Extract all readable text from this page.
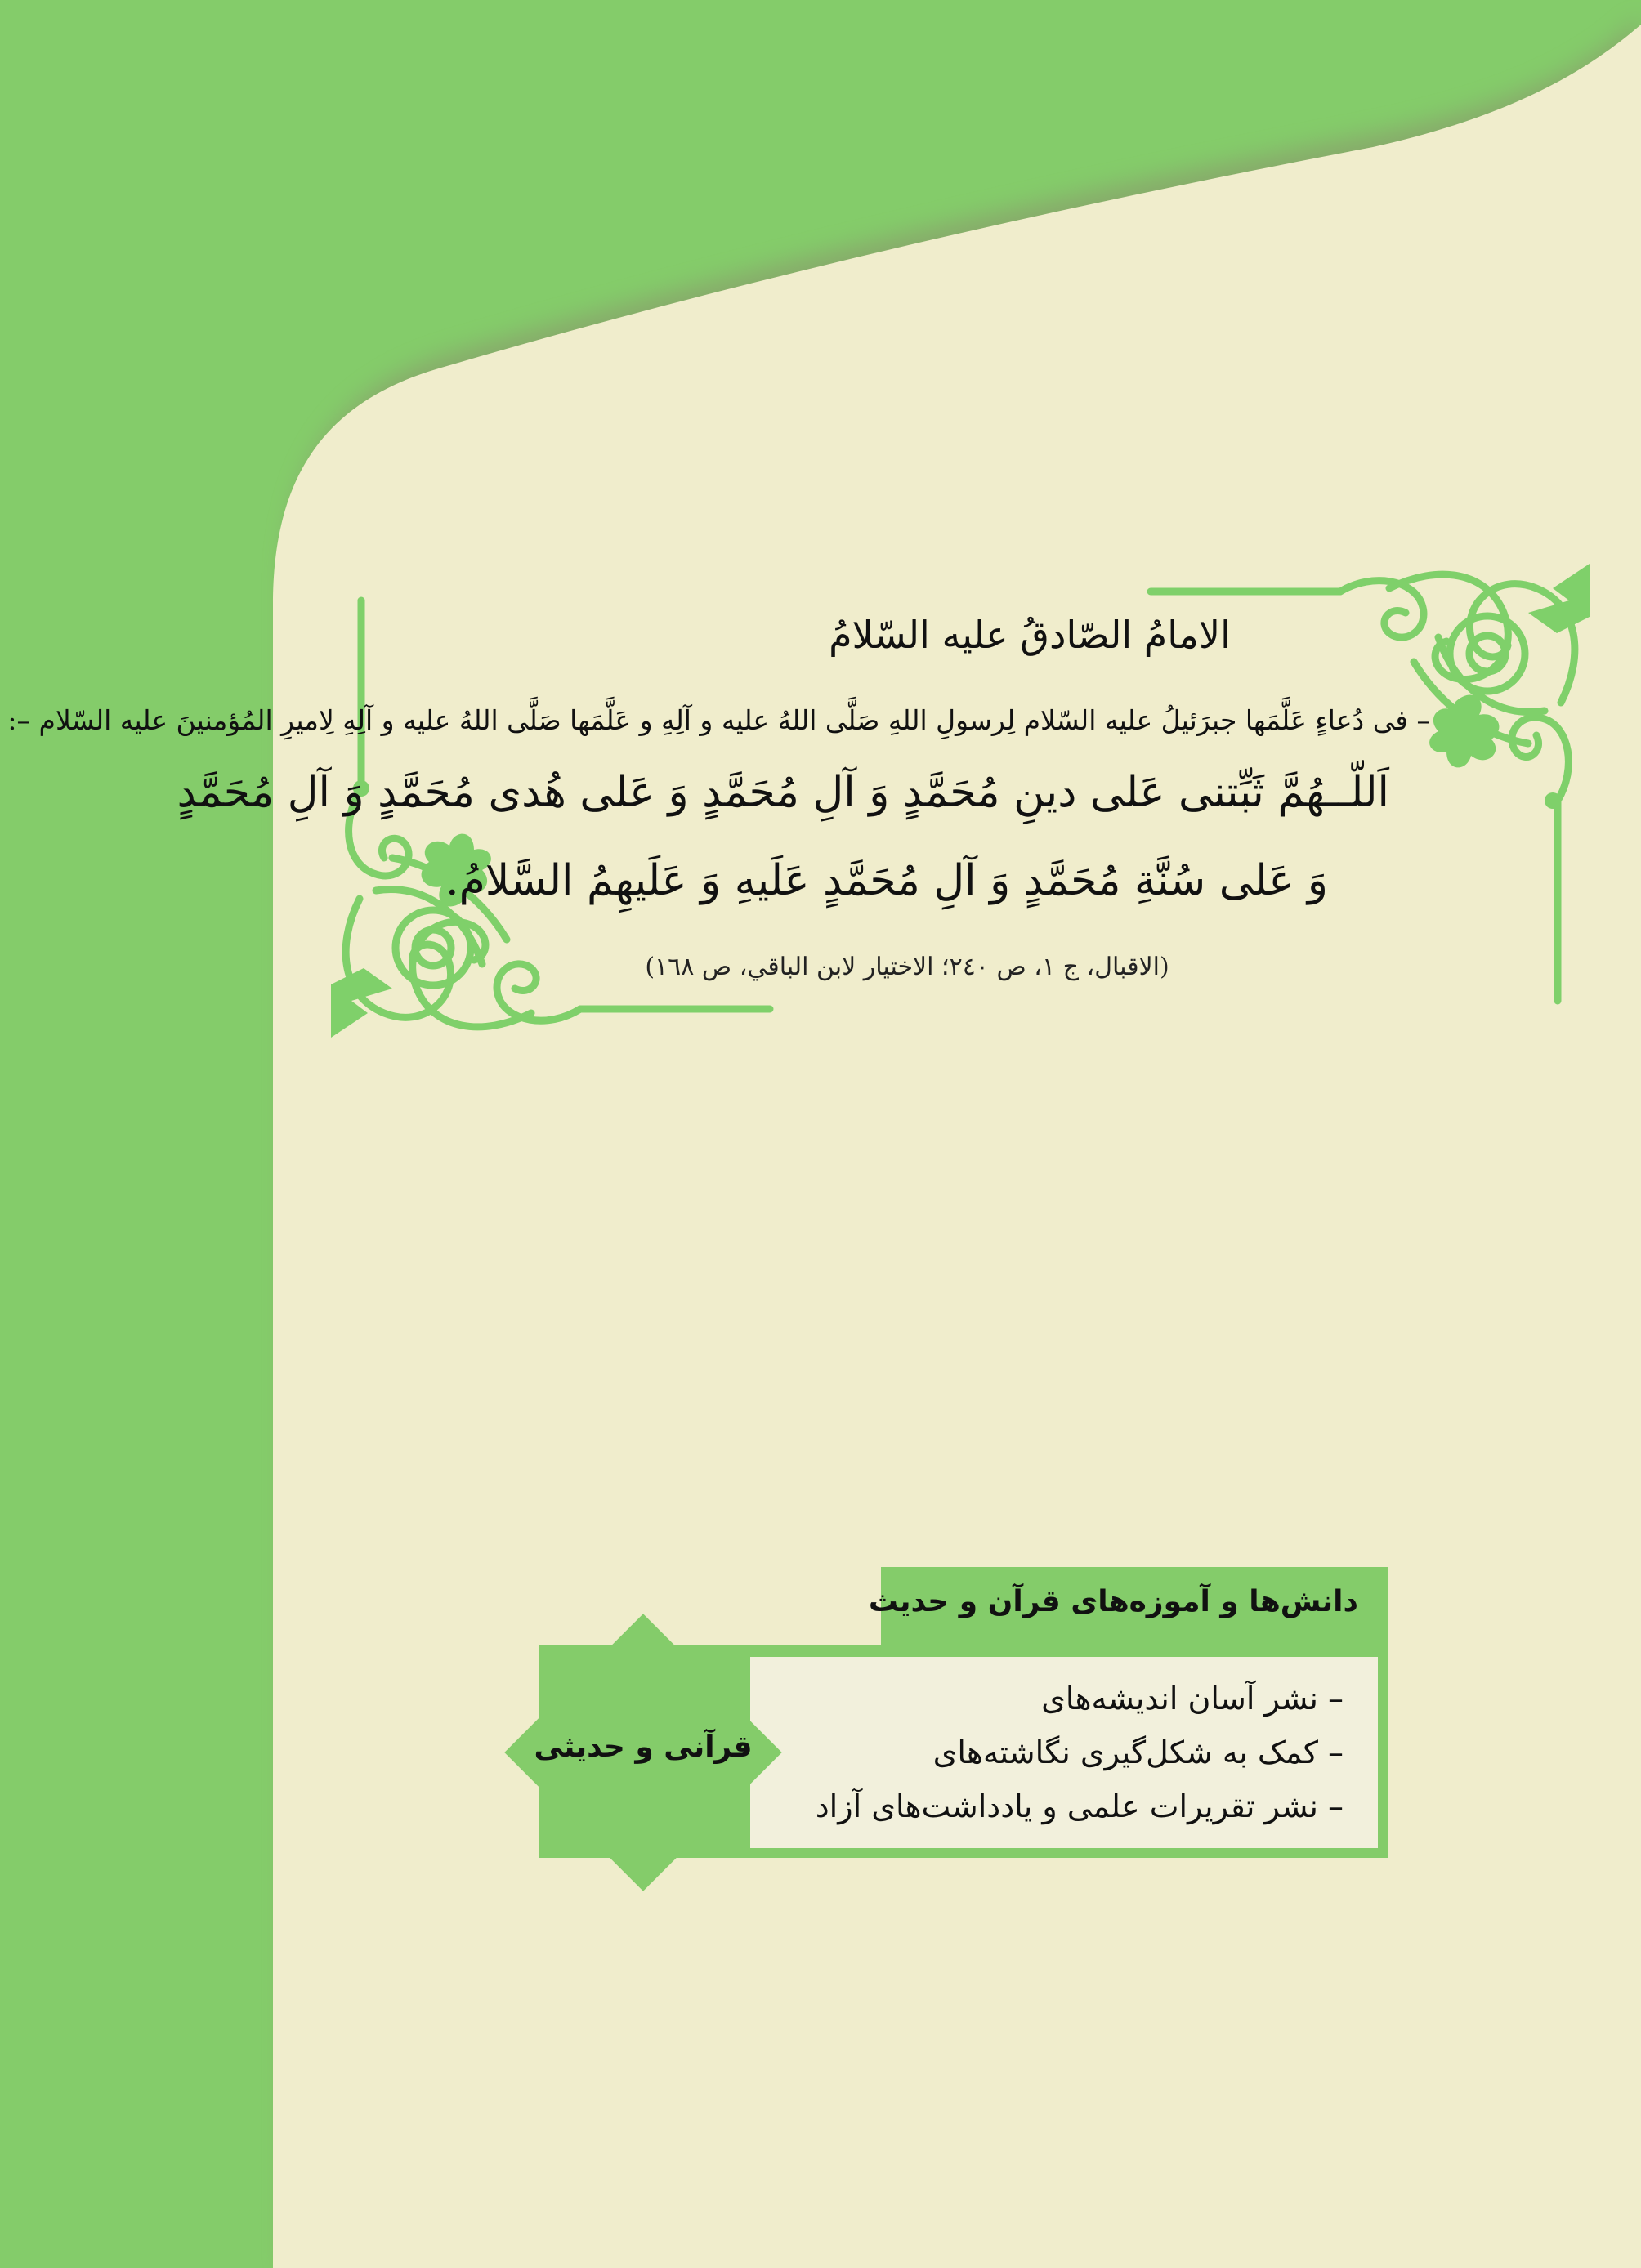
الامامُ الصّادقُ علیه السّلامُ
– فی دُعاءٍ عَلَّمَها جبرَئیلُ علیه السّلام لِرسولِ اللهِ صَلَّی اللهُ علیه و آلِهِ و عَلَّمَها صَلَّی اللهُ علیه و آلِهِ لِامیرِ المُؤمنینَ علیه السّلام –:
اَللّــهُمَّ ثَبِّتنی عَلی دینِ مُحَمَّدٍ وَ آلِ مُحَمَّدٍ وَ عَلی هُدی مُحَمَّدٍ وَ آلِ مُحَمَّدٍ
وَ عَلی سُنَّةِ مُحَمَّدٍ وَ آلِ مُحَمَّدٍ عَلَیهِ وَ عَلَیهِمُ السَّلامُ.
(الاقبال، ج ١، ص ٢٤٠؛ الاختیار لابن الباقي، ص ١٦٨)
دانش‌ها و آموزه‌های قرآن و حدیث
– نشر آسان اندیشه‌های
– کمک به شکل‌گیری نگاشته‌های
– نشر تقریرات علمی و یادداشت‌های آزاد
قرآنی و حدیثی
